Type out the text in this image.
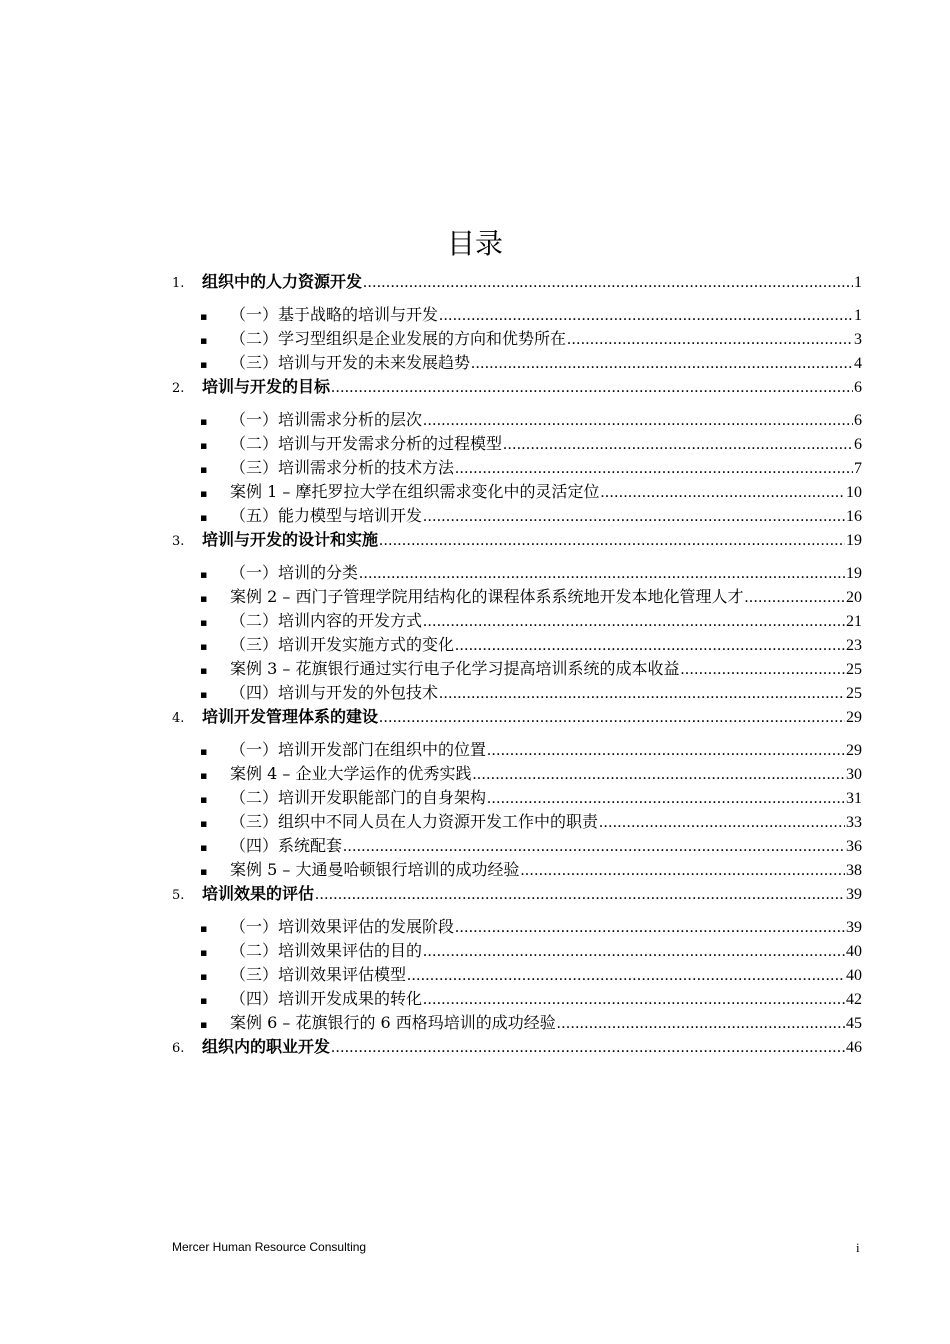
目录
1.	组织中的人力资源开发 .....	1
▪	（一）基于战略的培训与开发 .....	1
▪	（二）学习型组织是企业发展的方向和优势所在 .....	3
▪	（三）培训与开发的未来发展趋势 .....	4
2.	培训与开发的目标 .....	6
▪	（一）培训需求分析的层次 .....	6
▪	（二）培训与开发需求分析的过程模型 .....	6
▪	（三）培训需求分析的技术方法 .....	7
▪	案例 1 – 摩托罗拉大学在组织需求变化中的灵活定位 .....	10
▪	（五）能力模型与培训开发 .....	16
3.	培训与开发的设计和实施 .....	19
▪	（一）培训的分类 .....	19
▪	案例 2 – 西门子管理学院用结构化的课程体系系统地开发本地化管理人才 .....	20
▪	（二）培训内容的开发方式 .....	21
▪	（三）培训开发实施方式的变化 .....	23
▪	案例 3 – 花旗银行通过实行电子化学习提高培训系统的成本收益 .....	25
▪	（四）培训与开发的外包技术 .....	25
4.	培训开发管理体系的建设 .....	29
▪	（一）培训开发部门在组织中的位置 .....	29
▪	案例 4 – 企业大学运作的优秀实践 .....	30
▪	（二）培训开发职能部门的自身架构 .....	31
▪	（三）组织中不同人员在人力资源开发工作中的职责 .....	33
▪	（四）系统配套 .....	36
▪	案例 5 – 大通曼哈顿银行培训的成功经验 .....	38
5.	培训效果的评估 .....	39
▪	（一）培训效果评估的发展阶段 .....	39
▪	（二）培训效果评估的目的 .....	40
▪	（三）培训效果评估模型 .....	40
▪	（四）培训开发成果的转化 .....	42
▪	案例 6 – 花旗银行的 6 西格玛培训的成功经验 .....	45
6.	组织内的职业开发 .....	46
Mercer Human Resource Consulting	i
